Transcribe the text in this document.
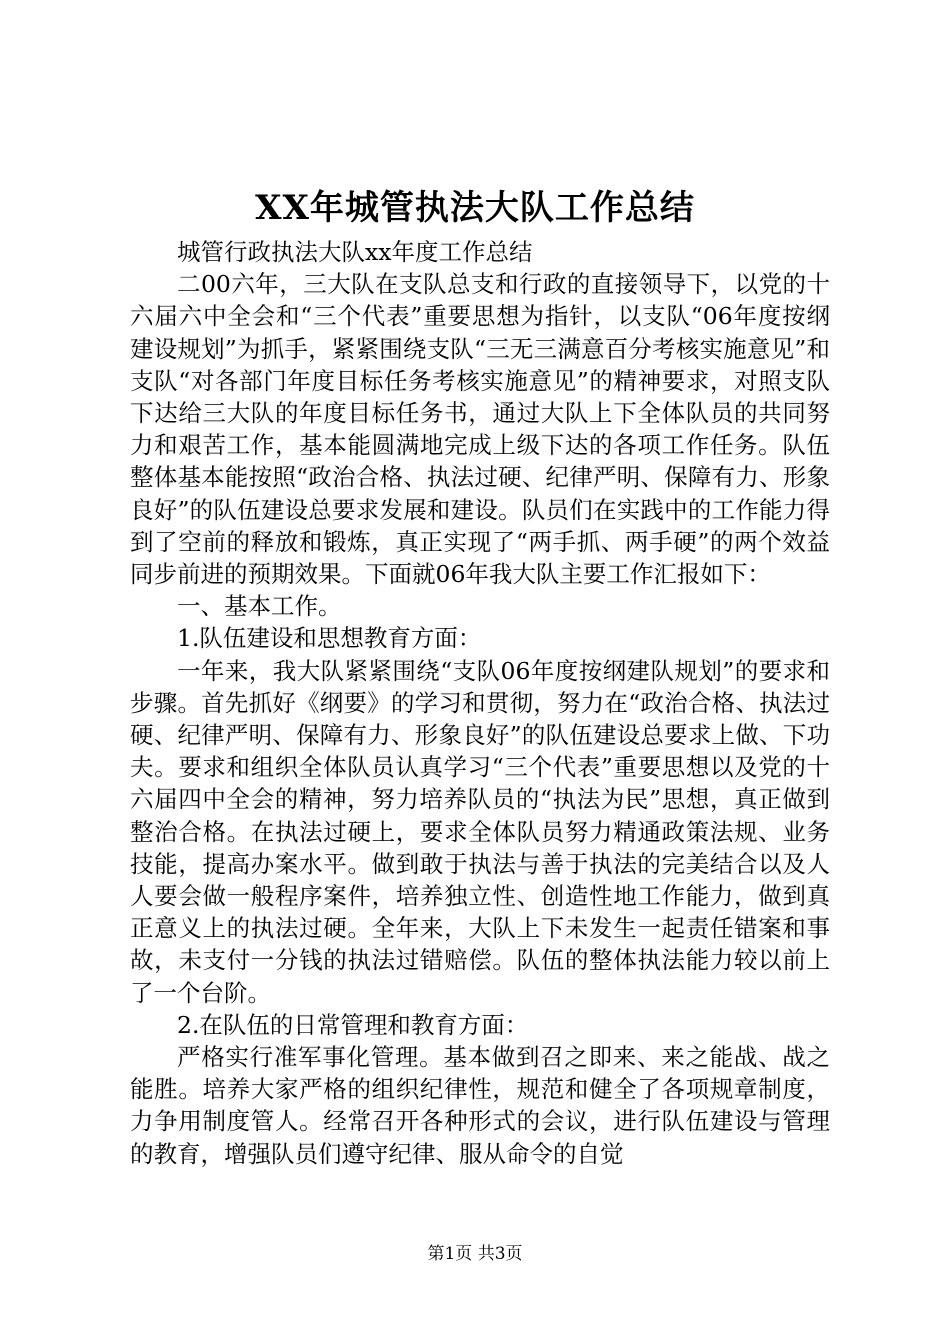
XX年城管执法大队工作总结

城管行政执法大队xx年度工作总结

二00六年，三大队在支队总支和行政的直接领导下，以党的十六届六中全会和“三个代表”重要思想为指针，以支队“06年度按纲建设规划”为抓手，紧紧围绕支队“三无三满意百分考核实施意见”和支队“对各部门年度目标任务考核实施意见”的精神要求，对照支队下达给三大队的年度目标任务书，通过大队上下全体队员的共同努力和艰苦工作，基本能圆满地完成上级下达的各项工作任务。队伍整体基本能按照“政治合格、执法过硬、纪律严明、保障有力、形象良好”的队伍建设总要求发展和建设。队员们在实践中的工作能力得到了空前的释放和锻炼，真正实现了“两手抓、两手硬”的两个效益同步前进的预期效果。下面就06年我大队主要工作汇报如下：

一、基本工作。

1.队伍建设和思想教育方面：

一年来，我大队紧紧围绕“支队06年度按纲建队规划”的要求和步骤。首先抓好《纲要》的学习和贯彻，努力在“政治合格、执法过硬、纪律严明、保障有力、形象良好”的队伍建设总要求上做、下功夫。要求和组织全体队员认真学习“三个代表”重要思想以及党的十六届四中全会的精神，努力培养队员的“执法为民”思想，真正做到整治合格。在执法过硬上，要求全体队员努力精通政策法规、业务技能，提高办案水平。做到敢于执法与善于执法的完美结合以及人人要会做一般程序案件，培养独立性、创造性地工作能力，做到真正意义上的执法过硬。全年来，大队上下未发生一起责任错案和事故，未支付一分钱的执法过错赔偿。队伍的整体执法能力较以前上了一个台阶。

2.在队伍的日常管理和教育方面：

严格实行准军事化管理。基本做到召之即来、来之能战、战之能胜。培养大家严格的组织纪律性，规范和健全了各项规章制度，力争用制度管人。经常召开各种形式的会议，进行队伍建设与管理的教育，增强队员们遵守纪律、服从命令的自觉

第1页 共3页
